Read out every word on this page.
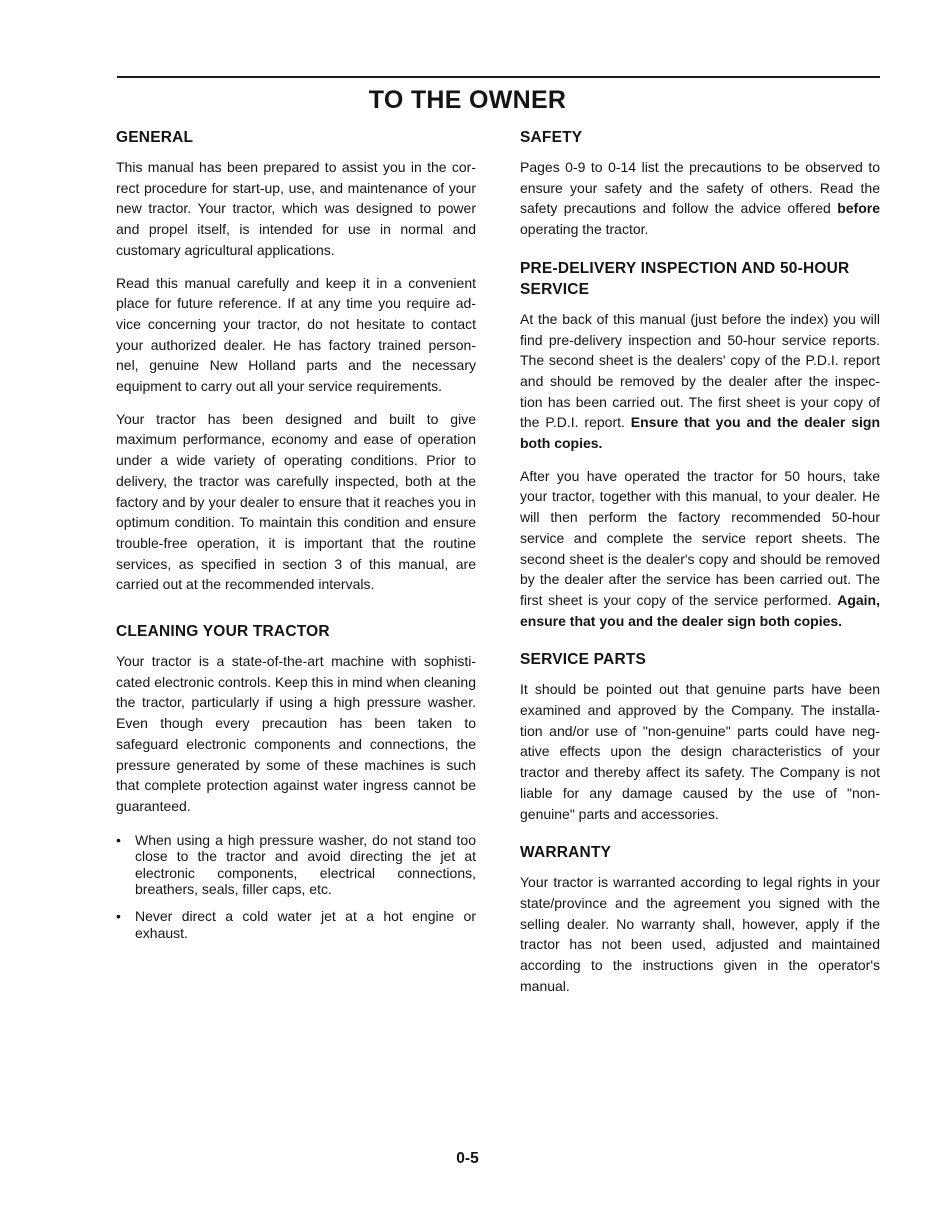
TO THE OWNER
GENERAL

This manual has been prepared to assist you in the cor- rect procedure for start-up, use, and maintenance of your new tractor. Your tractor, which was designed to power and propel itself, is intended for use in normal and customary agricultural applications.

Read this manual carefully and keep it in a convenient place for future reference. If at any time you require ad- vice concerning your tractor, do not hesitate to contact your authorized dealer. He has factory trained person- nel, genuine New Holland parts and the necessary equipment to carry out all your service requirements.

Your tractor has been designed and built to give maximum performance, economy and ease of operation under a wide variety of operating conditions. Prior to delivery, the tractor was carefully inspected, both at the factory and by your dealer to ensure that it reaches you in optimum condition. To maintain this condition and ensure trouble-free operation, it is important that the routine services, as specified in section 3 of this manual, are carried out at the recommended intervals.

CLEANING YOUR TRACTOR

Your tractor is a state-of-the-art machine with sophisti- cated electronic controls. Keep this in mind when cleaning the tractor, particularly if using a high pressure washer. Even though every precaution has been taken to safeguard electronic components and connections, the pressure generated by some of these machines is such that complete protection against water ingress cannot be guaranteed.

• When using a high pressure washer, do not stand too close to the tractor and avoid directing the jet at electronic components, electrical connections, breathers, seals, filler caps, etc.
• Never direct a cold water jet at a hot engine or exhaust.
SAFETY

Pages 0-9 to 0-14 list the precautions to be observed to ensure your safety and the safety of others. Read the safety precautions and follow the advice offered before operating the tractor.

PRE-DELIVERY INSPECTION AND 50-HOUR SERVICE

At the back of this manual (just before the index) you will find pre-delivery inspection and 50-hour service reports. The second sheet is the dealers' copy of the P.D.I. report and should be removed by the dealer after the inspec- tion has been carried out. The first sheet is your copy of the P.D.I. report. Ensure that you and the dealer sign both copies.

After you have operated the tractor for 50 hours, take your tractor, together with this manual, to your dealer. He will then perform the factory recommended 50-hour service and complete the service report sheets. The second sheet is the dealer's copy and should be removed by the dealer after the service has been carried out. The first sheet is your copy of the service performed. Again, ensure that you and the dealer sign both copies.

SERVICE PARTS

It should be pointed out that genuine parts have been examined and approved by the Company. The installa- tion and/or use of "non-genuine" parts could have neg- ative effects upon the design characteristics of your tractor and thereby affect its safety. The Company is not liable for any damage caused by the use of "non- genuine" parts and accessories.

WARRANTY

Your tractor is warranted according to legal rights in your state/province and the agreement you signed with the selling dealer. No warranty shall, however, apply if the tractor has not been used, adjusted and maintained according to the instructions given in the operator's manual.

0-5
